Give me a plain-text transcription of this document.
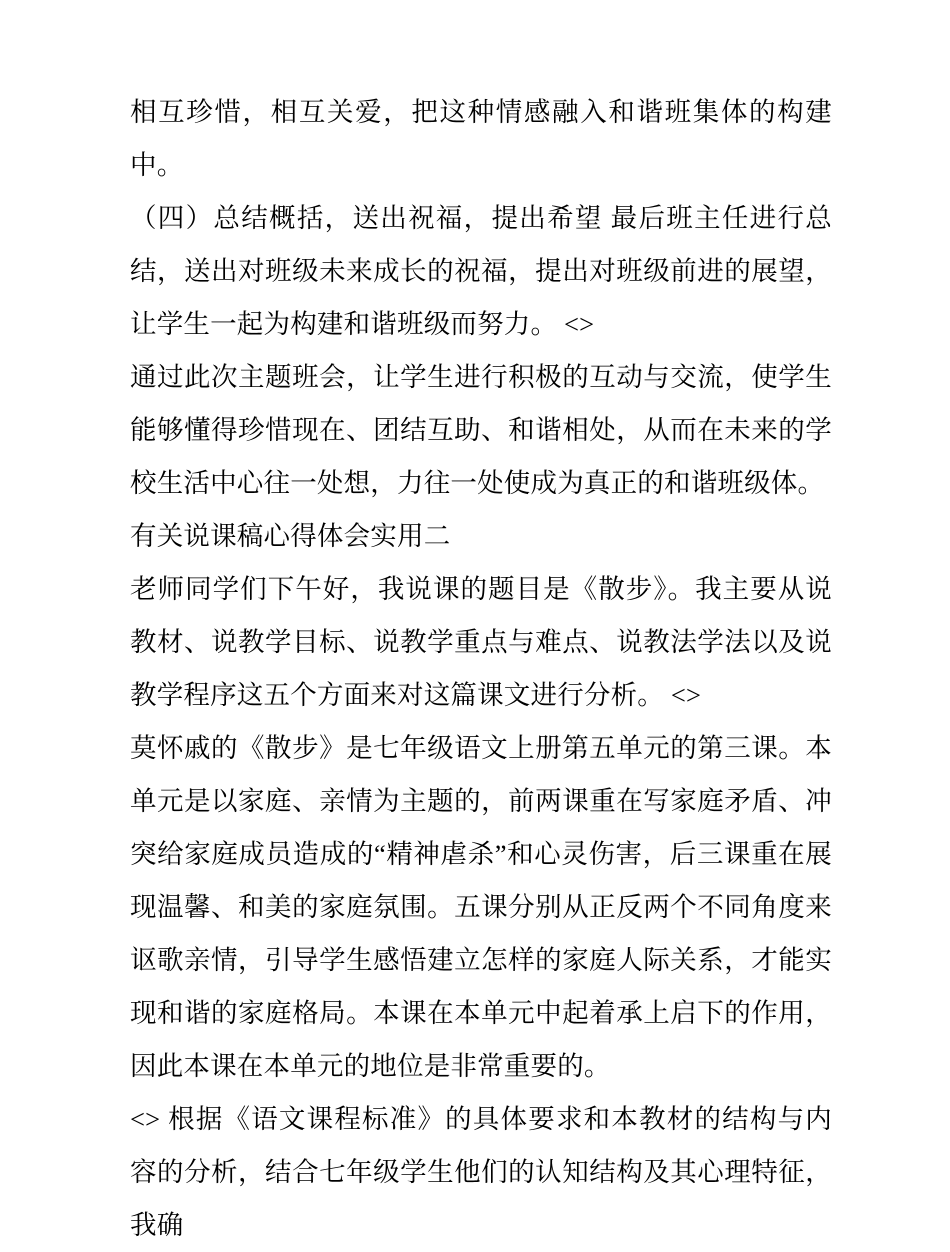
相互珍惜，相互关爱，把这种情感融入和谐班集体的构建中。

（四）总结概括，送出祝福，提出希望 最后班主任进行总结，送出对班级未来成长的祝福，提出对班级前进的展望，让学生一起为构建和谐班级而努力。 <>

通过此次主题班会，让学生进行积极的互动与交流，使学生能够懂得珍惜现在、团结互助、和谐相处，从而在未来的学校生活中心往一处想，力往一处使成为真正的和谐班级体。

有关说课稿心得体会实用二

老师同学们下午好，我说课的题目是《散步》。我主要从说教材、说教学目标、说教学重点与难点、说教法学法以及说教学程序这五个方面来对这篇课文进行分析。 <>

莫怀戚的《散步》是七年级语文上册第五单元的第三课。本单元是以家庭、亲情为主题的，前两课重在写家庭矛盾、冲突给家庭成员造成的“精神虐杀”和心灵伤害，后三课重在展现温馨、和美的家庭氛围。五课分别从正反两个不同角度来讴歌亲情，引导学生感悟建立怎样的家庭人际关系，才能实现和谐的家庭格局。本课在本单元中起着承上启下的作用，因此本课在本单元的地位是非常重要的。

<> 根据《语文课程标准》的具体要求和本教材的结构与内容的分析，结合七年级学生他们的认知结构及其心理特征，我确
